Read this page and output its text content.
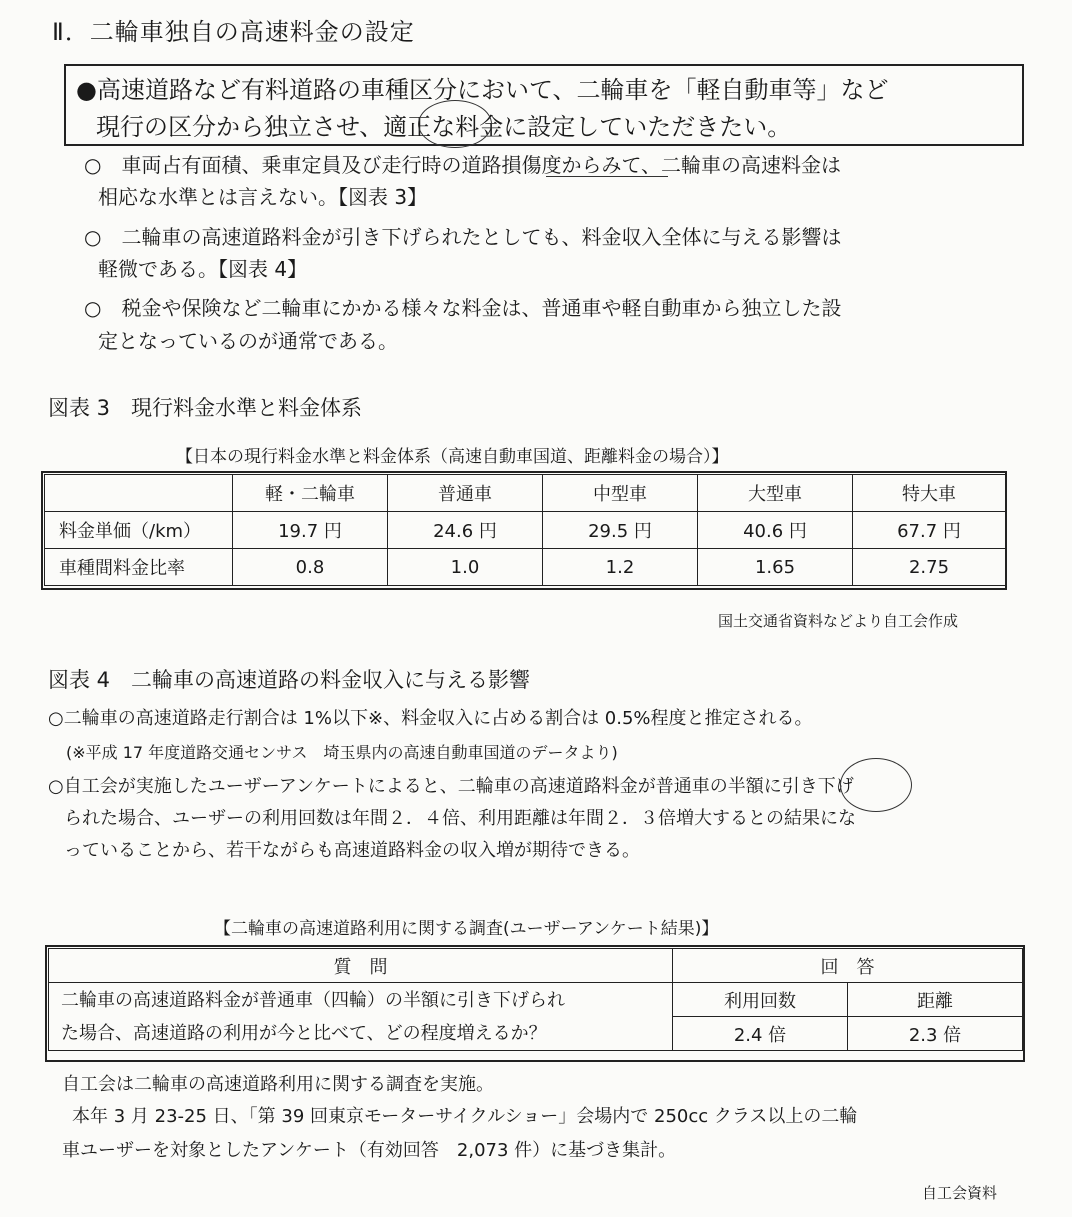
Ⅱ．二輪車独自の高速料金の設定
●高速道路など有料道路の車種区分において、二輪車を「軽自動車等」など
現行の区分から独立させ、適正な料金に設定していただきたい。
○　車両占有面積、乗車定員及び走行時の道路損傷度からみて、二輪車の高速料金は
相応な水準とは言えない。【図表 3】
○　二輪車の高速道路料金が引き下げられたとしても、料金収入全体に与える影響は
軽微である。【図表 4】
○　税金や保険など二輪車にかかる様々な料金は、普通車や軽自動車から独立した設
定となっているのが通常である。
図表 3　現行料金水準と料金体系
【日本の現行料金水準と料金体系（高速自動車国道、距離料金の場合）】
	軽・二輪車	普通車	中型車	大型車	特大車
料金単価（/km）	19.7 円	24.6 円	29.5 円	40.6 円	67.7 円
車種間料金比率	0.8	1.0	1.2	1.65	2.75
国土交通省資料などより自工会作成
図表 4　二輪車の高速道路の料金収入に与える影響
○二輪車の高速道路走行割合は 1%以下※、料金収入に占める割合は 0.5%程度と推定される。
(※平成 17 年度道路交通センサス　埼玉県内の高速自動車国道のデータより)
○自工会が実施したユーザーアンケートによると、二輪車の高速道路料金が普通車の半額に引き下げ
られた場合、ユーザーの利用回数は年間２．４倍、利用距離は年間２．３倍増大するとの結果にな
っていることから、若干ながらも高速道路料金の収入増が期待できる。
【二輪車の高速道路利用に関する調査(ユーザーアンケート結果)】
質　問	回　答	

二輪車の高速道路料金が普通車（四輪）の半額に引き下げられ
た場合、高速道路の利用が今と比べて、どの程度増えるか？	利用回数	距離
	2.4 倍	2.3 倍
自工会は二輪車の高速道路利用に関する調査を実施。
本年 3 月 23-25 日、「第 39 回東京モーターサイクルショー」会場内で 250cc クラス以上の二輪
車ユーザーを対象としたアンケート（有効回答　2,073 件）に基づき集計。
自工会資料
